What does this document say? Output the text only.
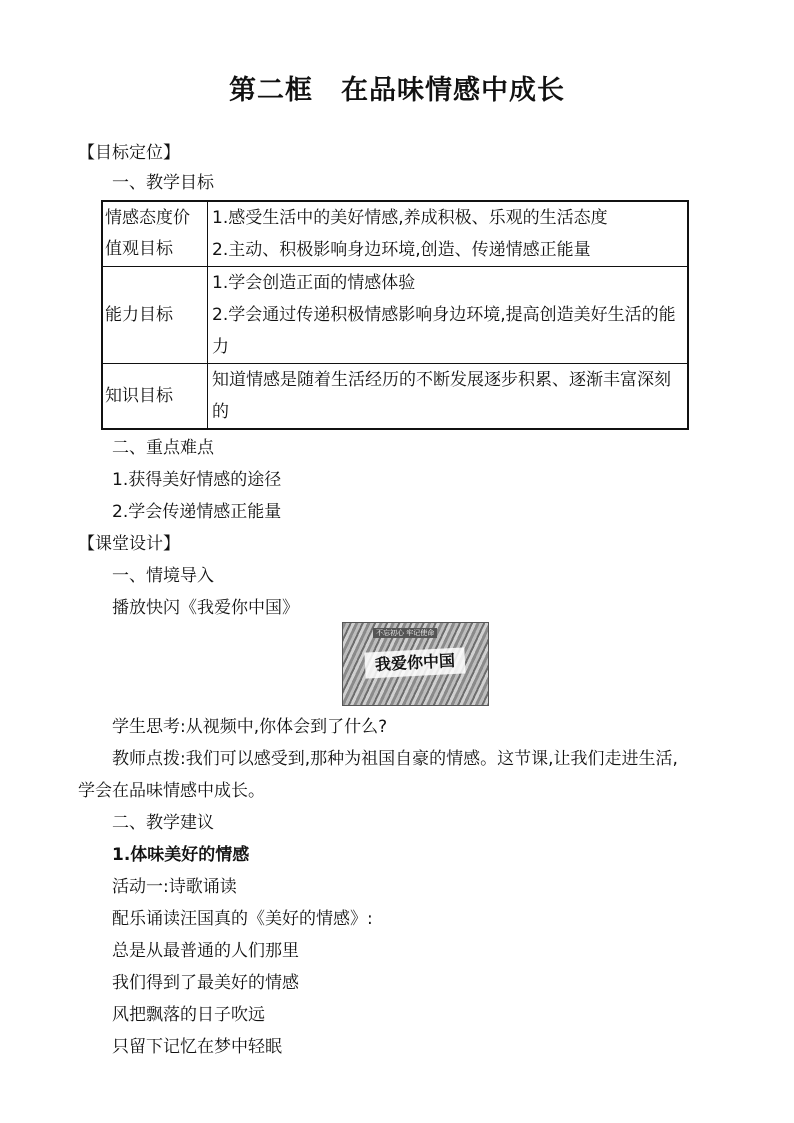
第二框　在品味情感中成长
【目标定位】
一、教学目标
情感态度价值观目标	1.感受生活中的美好情感,养成积极、乐观的生活态度
2.主动、积极影响身边环境,创造、传递情感正能量

能力目标	1.学会创造正面的情感体验
2.学会通过传递积极情感影响身边环境,提高创造美好生活的能力

知识目标	知道情感是随着生活经历的不断发展逐步积累、逐渐丰富深刻的
二、重点难点
1.获得美好情感的途径
2.学会传递情感正能量
【课堂设计】
一、情境导入
播放快闪《我爱你中国》
不忘初心 牢记使命
我爱你中国
学生思考:从视频中,你体会到了什么?
教师点拨:我们可以感受到,那种为祖国自豪的情感。这节课,让我们走进生活,
学会在品味情感中成长。
二、教学建议
1.体味美好的情感
活动一:诗歌诵读
配乐诵读汪国真的《美好的情感》:
总是从最普通的人们那里
我们得到了最美好的情感
风把飘落的日子吹远
只留下记忆在梦中轻眠
